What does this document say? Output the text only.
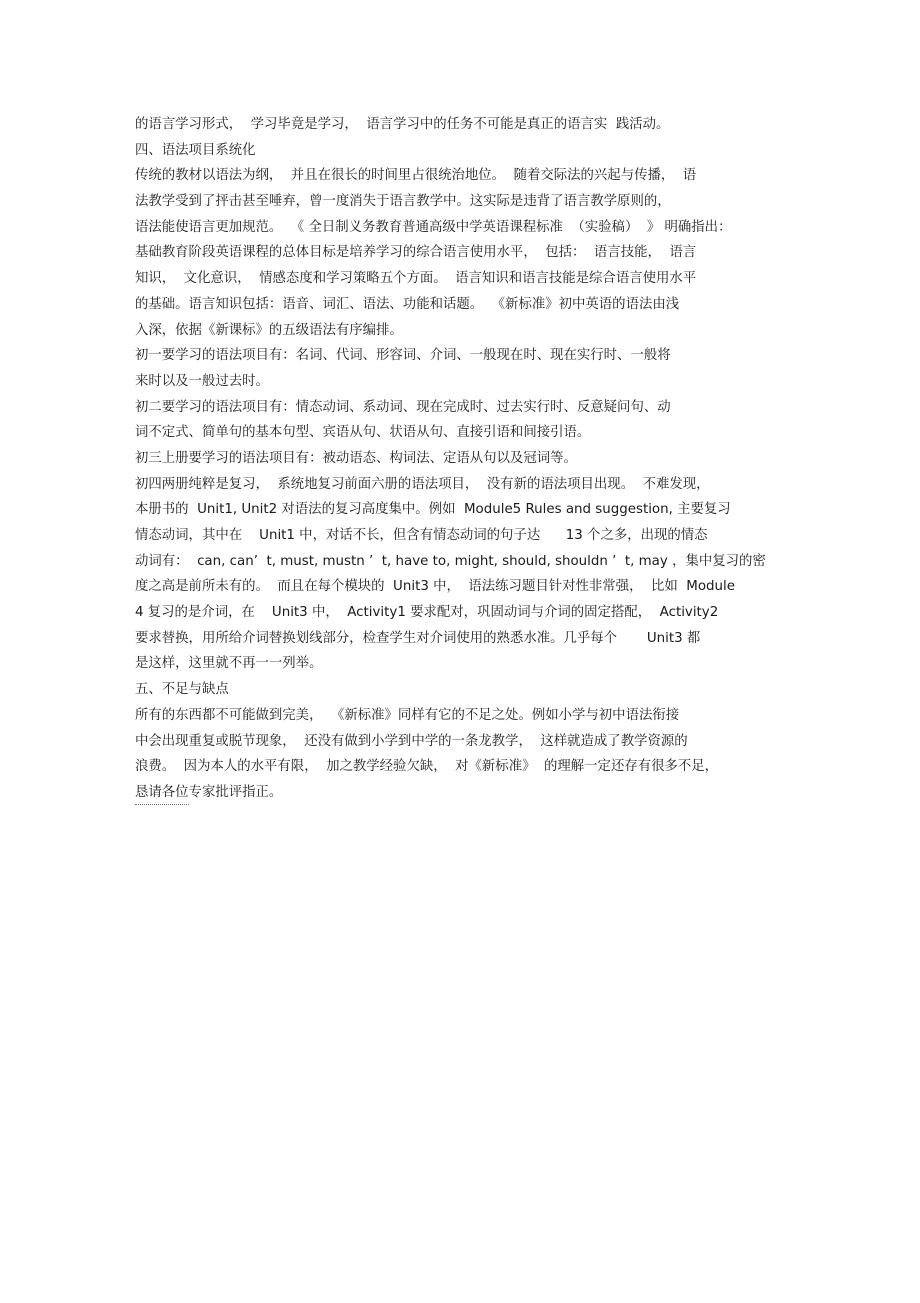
的语言学习形式，  学习毕竟是学习，  语言学习中的任务不可能是真正的语言实  践活动。
四、语法项目系统化
传统的教材以语法为纲，  并且在很长的时间里占很统治地位。  随着交际法的兴起与传播，  语
法教学受到了抨击甚至唾弃，曾一度消失于语言教学中。这实际是违背了语言教学原则的，
语法能使语言更加规范。  《 全日制义务教育普通高级中学英语课程标准  （实验稿）  》 明确指出：
基础教育阶段英语课程的总体目标是培养学习的综合语言使用水平，  包括：  语言技能，  语言
知识，  文化意识，  情感态度和学习策略五个方面。  语言知识和语言技能是综合语言使用水平
的基础。语言知识包括：语音、词汇、语法、功能和话题。  《新标准》初中英语的语法由浅
入深，依据《新课标》的五级语法有序编排。
初一要学习的语法项目有：名词、代词、形容词、介词、一般现在时、现在实行时、一般将
来时以及一般过去时。
初二要学习的语法项目有：情态动词、系动词、现在完成时、过去实行时、反意疑问句、动
词不定式、简单句的基本句型、宾语从句、状语从句、直接引语和间接引语。
初三上册要学习的语法项目有：被动语态、构词法、定语从句以及冠词等。
初四两册纯粹是复习，  系统地复习前面六册的语法项目，  没有新的语法项目出现。  不难发现，
本册书的  Unit1, Unit2 对语法的复习高度集中。例如  Module5 Rules and suggestion, 主要复习
情态动词，其中在    Unit1 中，对话不长，但含有情态动词的句子达      13 个之多，出现的情态
动词有：  can, can’  t, must, mustn ’  t, have to, might, should, shouldn ’  t, may ，集中复习的密
度之高是前所未有的。  而且在每个模块的  Unit3 中，  语法练习题目针对性非常强，  比如  Module
4 复习的是介词，在    Unit3 中，  Activity1 要求配对，巩固动词与介词的固定搭配，  Activity2
要求替换，用所给介词替换划线部分，检查学生对介词使用的熟悉水准。几乎每个       Unit3 都
是这样，这里就不再一一列举。
五、不足与缺点
所有的东西都不可能做到完美，  《新标准》同样有它的不足之处。例如小学与初中语法衔接
中会出现重复或脱节现象，  还没有做到小学到中学的一条龙教学，  这样就造成了教学资源的
浪费。  因为本人的水平有限，  加之教学经验欠缺，  对《新标准》  的理解一定还存有很多不足，
恳请各位专家批评指正。
